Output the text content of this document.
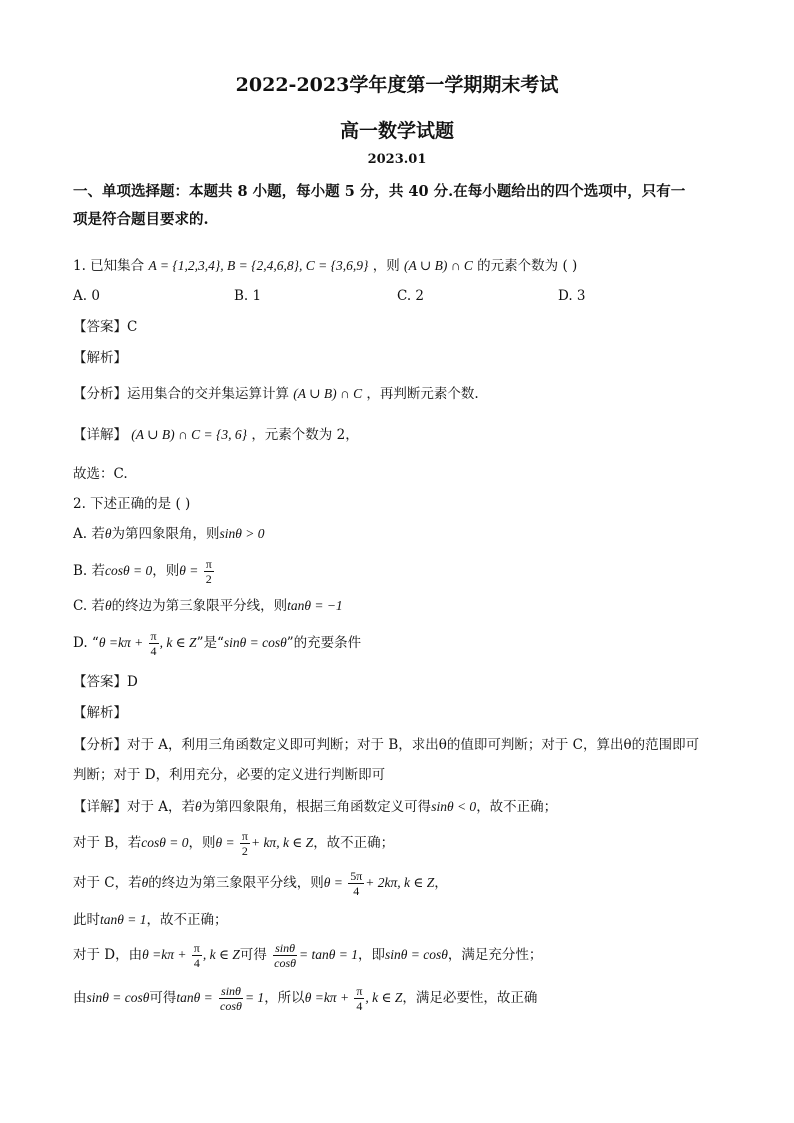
2022-2023学年度第一学期期末考试
高一数学试题
2023.01
一、单项选择题：本题共 8 小题，每小题 5 分，共 40 分.在每小题给出的四个选项中，只有一
项是符合题目要求的.
1. 已知集合 A = {1,2,3,4}, B = {2,4,6,8}, C = {3,6,9} ，则 (A ∪ B) ∩ C 的元素个数为 ( )
A. 0	B. 1	C. 2	D. 3
【答案】C
【解析】
【分析】运用集合的交并集运算计算 (A ∪ B) ∩ C ，再判断元素个数.
【详解】 (A ∪ B) ∩ C = {3, 6} ，元素个数为 2，
故选：C.
2. 下述正确的是 ( )
A. 若θ为第四象限角，则sinθ > 0
B. 若cosθ = 0，则$\theta = \frac{\pi}{2}$
C. 若θ的终边为第三象限平分线，则tanθ = −1
D. “$\theta =k\pi + \frac{\pi}{4}$ , k ∈ Z”是“sinθ = cosθ”的充要条件
【答案】D
【解析】
【分析】对于 A，利用三角函数定义即可判断；对于 B，求出θ的值即可判断；对于 C，算出θ的范围即可
判断；对于 D，利用充分，必要的定义进行判断即可
【详解】对于 A，若θ为第四象限角，根据三角函数定义可得sinθ < 0，故不正确；
对于 B，若cosθ = 0，则$\theta = \frac{\pi}{2} + k\pi$, k ∈ Z，故不正确；
对于 C，若θ的终边为第三象限平分线，则$\theta = \frac{5\pi}{4} + 2k\pi$, k ∈ Z，
此时tanθ = 1，故不正确；
对于 D，由$\theta =k\pi + \frac{\pi}{4}$ , k ∈ Z可得 $\frac{\sin\theta}{\cos\theta} = \tan\theta = 1$，即sinθ = cosθ，满足充分性；
由sinθ = cosθ可得$\tan\theta = \frac{\sin\theta}{\cos\theta} = 1$，所以$\theta =k\pi + \frac{\pi}{4}$ , k ∈ Z，满足必要性，故正确
